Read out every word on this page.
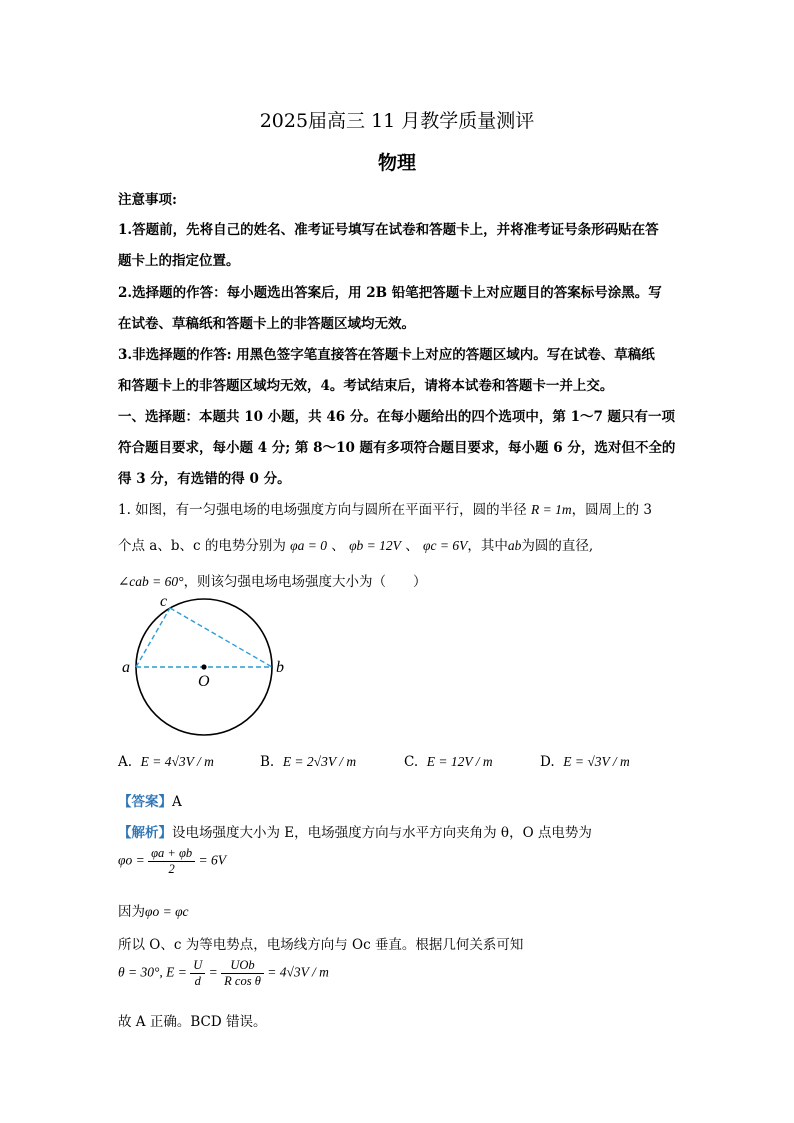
2025届高三 11 月教学质量测评
物理
注意事项:
1.答题前，先将自己的姓名、准考证号填写在试卷和答题卡上，并将准考证号条形码贴在答
题卡上的指定位置。
2.选择题的作答：每小题选出答案后，用 2B 铅笔把答题卡上对应题目的答案标号涂黑。写
在试卷、草稿纸和答题卡上的非答题区域均无效。
3.非选择题的作答: 用黑色签字笔直接答在答题卡上对应的答题区域内。写在试卷、草稿纸
和答题卡上的非答题区域均无效，4。考试结束后，请将本试卷和答题卡一并上交。
一、选择题：本题共 10 小题，共 46 分。在每小题给出的四个选项中，第 1～7 题只有一项
符合题目要求，每小题 4 分; 第 8～10 题有多项符合题目要求，每小题 6 分，选对但不全的
得 3 分，有选错的得 0 分。
1. 如图，有一匀强电场的电场强度方向与圆所在平面平行，圆的半径 R = 1m，圆周上的 3
个点 a、b、c 的电势分别为 φa = 0 、 φb = 12V 、 φc = 6V，其中ab为圆的直径,
∠cab = 60°，则该匀强电场电场强度大小为（　　）
a	b
c
O
A. E = 4√3V / m	B. E = 2√3V / m	C. E = 12V / m	D. E = √3V / m
【答案】A
【解析】设电场强度大小为 E，电场强度方向与水平方向夹角为 θ，O 点电势为
$\varphi o = \frac{\varphi a + \varphi b}{2} = 6V$
因为φo = φc
所以 O、c 为等电势点，电场线方向与 Oc 垂直。根据几何关系可知
θ = 30°, $E = \frac{U}{d} = \frac{\text{UOb}}{\text{R cos θ}} = 4√3V / m$
故 A 正确。BCD 错误。
